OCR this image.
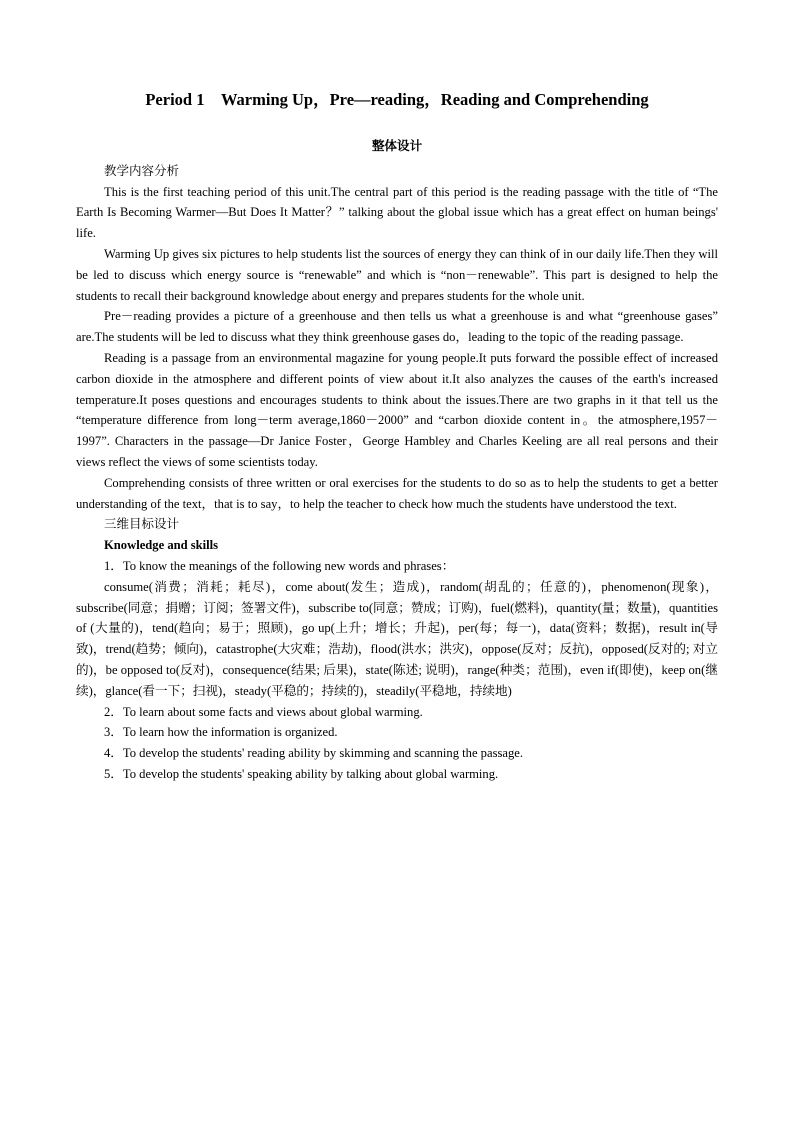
Period 1　Warming Up，Pre—reading，Reading and Comprehending

整体设计

教学内容分析

This is the first teaching period of this unit.The central part of this period is the reading passage with the title of “The Earth Is Becoming Warmer—But Does It Matter？” talking about the global issue which has a great effect on human beings' life.

Warming Up gives six pictures to help students list the sources of energy they can think of in our daily life.Then they will be led to discuss which energy source is “renewable” and which is “non－renewable”. This part is designed to help the students to recall their background knowledge about energy and prepares students for the whole unit.

Pre－reading provides a picture of a greenhouse and then tells us what a greenhouse is and what “greenhouse gases” are.The students will be led to discuss what they think greenhouse gases do，leading to the topic of the reading passage.

Reading is a passage from an environmental magazine for young people.It puts forward the possible effect of increased carbon dioxide in the atmosphere and different points of view about it.It also analyzes the causes of the earth's increased temperature.It poses questions and encourages students to think about the issues.There are two graphs in it that tell us the “temperature difference from long－term average,1860－2000” and “carbon dioxide content in。the atmosphere,1957－1997”. Characters in the passage—Dr Janice Foster，George Hambley and Charles Keeling are all real persons and their views reflect the views of some scientists today.

Comprehending consists of three written or oral exercises for the students to do so as to help the students to get a better understanding of the text，that is to say，to help the teacher to check how much the students have understood the text.

三维目标设计

Knowledge and skills

1．To know the meanings of the following new words and phrases：

consume(消费；消耗；耗尽)，come about(发生；造成)，random(胡乱的；任意的)，phenomenon(现象)，subscribe(同意；捐赠；订阅；签署文件)，subscribe to(同意；赞成；订购)，fuel(燃料)，quantity(量；数量)，quantities of (大量的)，tend(趋向；易于；照顾)，go up(上升；增长；升起)，per(每；每一)，data(资料；数据)，result in(导致)，trend(趋势；倾向)，catastrophe(大灾难；浩劫)，flood(洪水；洪灾)，oppose(反对；反抗)，opposed(反对的; 对立的)，be opposed to(反对)，consequence(结果; 后果)，state(陈述; 说明)，range(种类；范围)，even if(即使)，keep on(继续)，glance(看一下；扫视)，steady(平稳的；持续的)，steadily(平稳地，持续地)

2．To learn about some facts and views about global warming.

3．To learn how the information is organized.

4．To develop the students' reading ability by skimming and scanning the passage.

5．To develop the students' speaking ability by talking about global warming.
